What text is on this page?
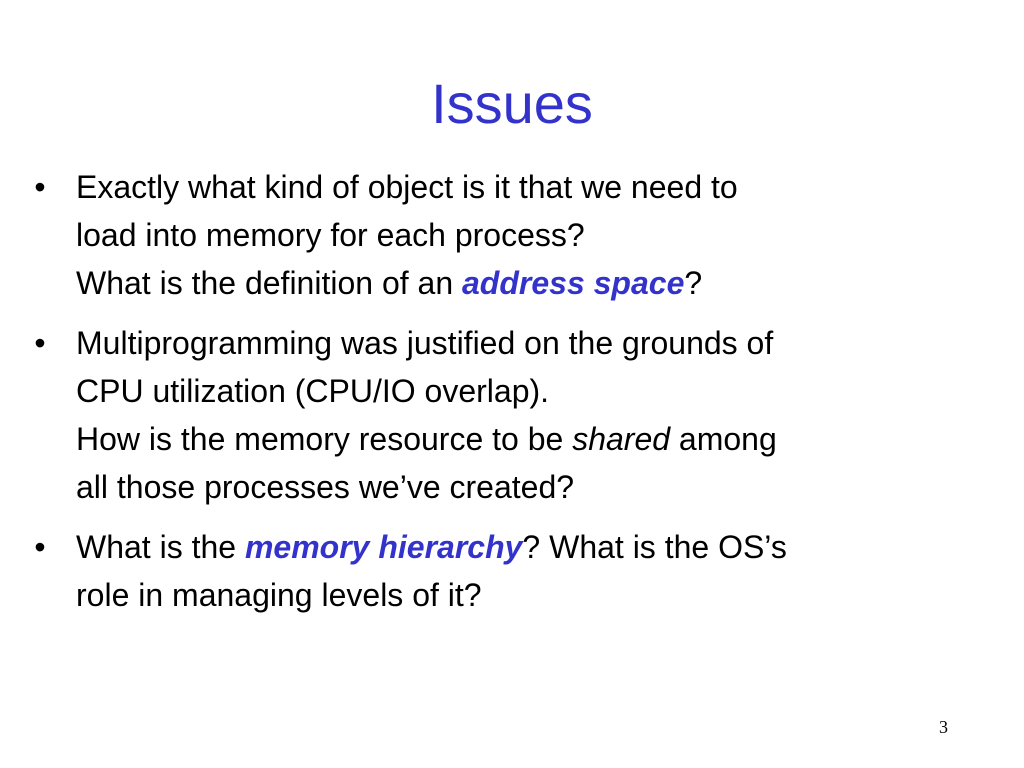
Issues
• Exactly what kind of object is it that we need to
load into memory for each process?
What is the definition of an address space?
• Multiprogramming was justified on the grounds of
CPU utilization (CPU/IO overlap).
How is the memory resource to be shared among
all those processes we’ve created?
• What is the memory hierarchy? What is the OS’s
role in managing levels of it?
3
